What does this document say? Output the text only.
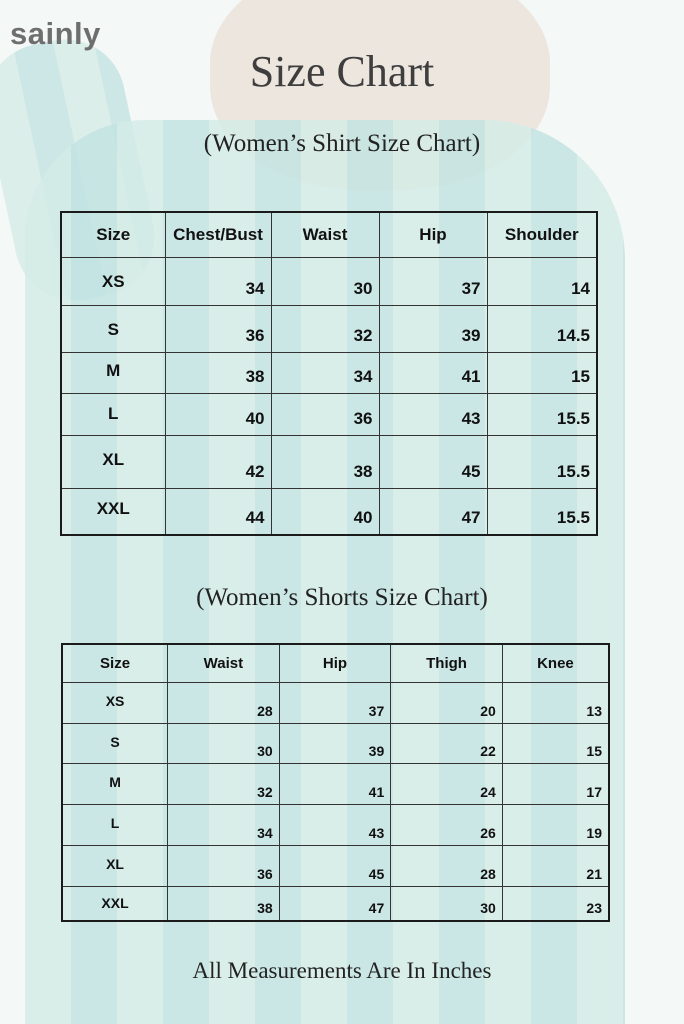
sainly
Size Chart
(Women’s Shirt Size Chart)
Size	Chest/Bust	Waist	Hip	Shoulder
XS	34	30	37	14
S	36	32	39	14.5
M	38	34	41	15
L	40	36	43	15.5
XL	42	38	45	15.5
XXL	44	40	47	15.5
(Women’s Shorts Size Chart)
Size	Waist	Hip	Thigh	Knee
XS	28	37	20	13
S	30	39	22	15
M	32	41	24	17
L	34	43	26	19
XL	36	45	28	21
XXL	38	47	30	23
All Measurements Are In Inches
